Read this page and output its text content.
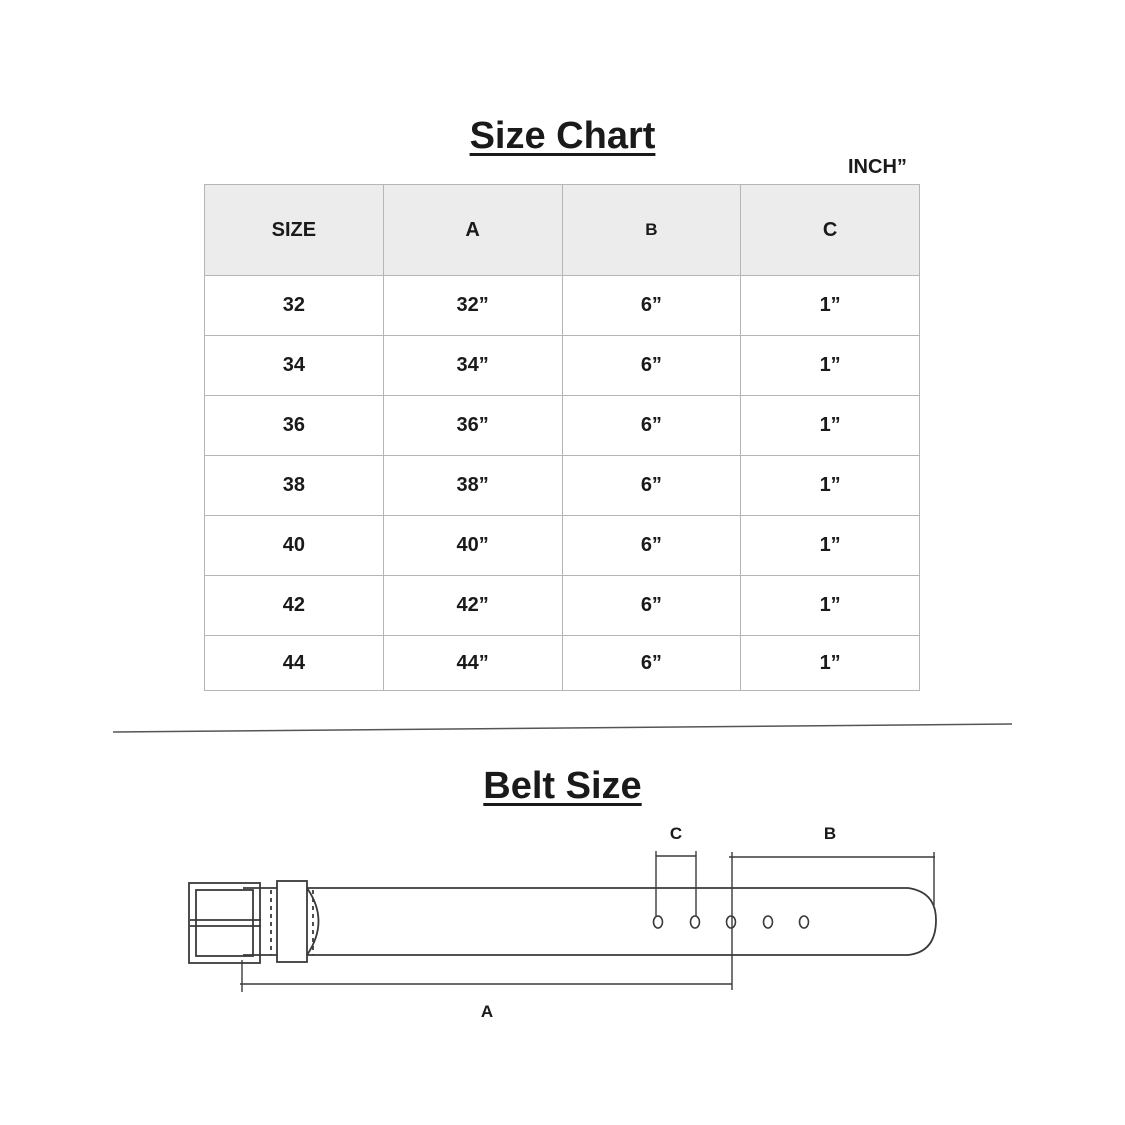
Size Chart
INCH”
SIZE	A	B	C
32	32”	6”	1”
34	34”	6”	1”
36	36”	6”	1”
38	38”	6”	1”
40	40”	6”	1”
42	42”	6”	1”
44	44”	6”	1”
Belt Size
C	B
A
